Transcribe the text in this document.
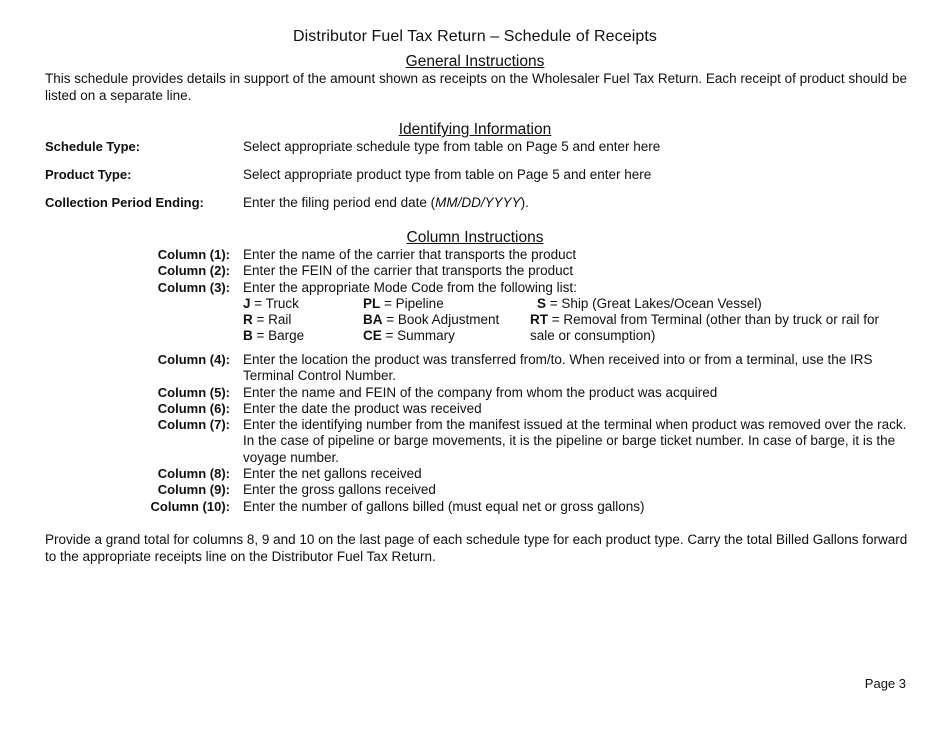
Distributor Fuel Tax Return – Schedule of Receipts
General Instructions
This schedule provides details in support of the amount shown as receipts on the Wholesaler Fuel Tax Return. Each receipt of product should be listed on a separate line.
Identifying Information
Schedule Type:	Select appropriate schedule type from table on Page 5 and enter here
Product Type:	Select appropriate product type from table on Page 5 and enter here
Collection Period Ending:	Enter the filing period end date (MM/DD/YYYY).
Column Instructions
Column (1): Enter the name of the carrier that transports the product
Column (2): Enter the FEIN of the carrier that transports the product
Column (3): Enter the appropriate Mode Code from the following list:
J = Truck	PL = Pipeline	S = Ship (Great Lakes/Ocean Vessel)
R = Rail	BA = Book Adjustment RT = Removal from Terminal (other than by truck or rail for sale or consumption)
B = Barge	CE = Summary
Column (4): Enter the location the product was transferred from/to. When received into or from a terminal, use the IRS Terminal Control Number.
Column (5): Enter the name and FEIN of the company from whom the product was acquired
Column (6): Enter the date the product was received
Column (7): Enter the identifying number from the manifest issued at the terminal when product was removed over the rack. In the case of pipeline or barge movements, it is the pipeline or barge ticket number. In case of barge, it is the voyage number.
Column (8): Enter the net gallons received
Column (9): Enter the gross gallons received
Column (10): Enter the number of gallons billed (must equal net or gross gallons)
Provide a grand total for columns 8, 9 and 10 on the last page of each schedule type for each product type. Carry the total Billed Gallons forward to the appropriate receipts line on the Distributor Fuel Tax Return.
Page 3
